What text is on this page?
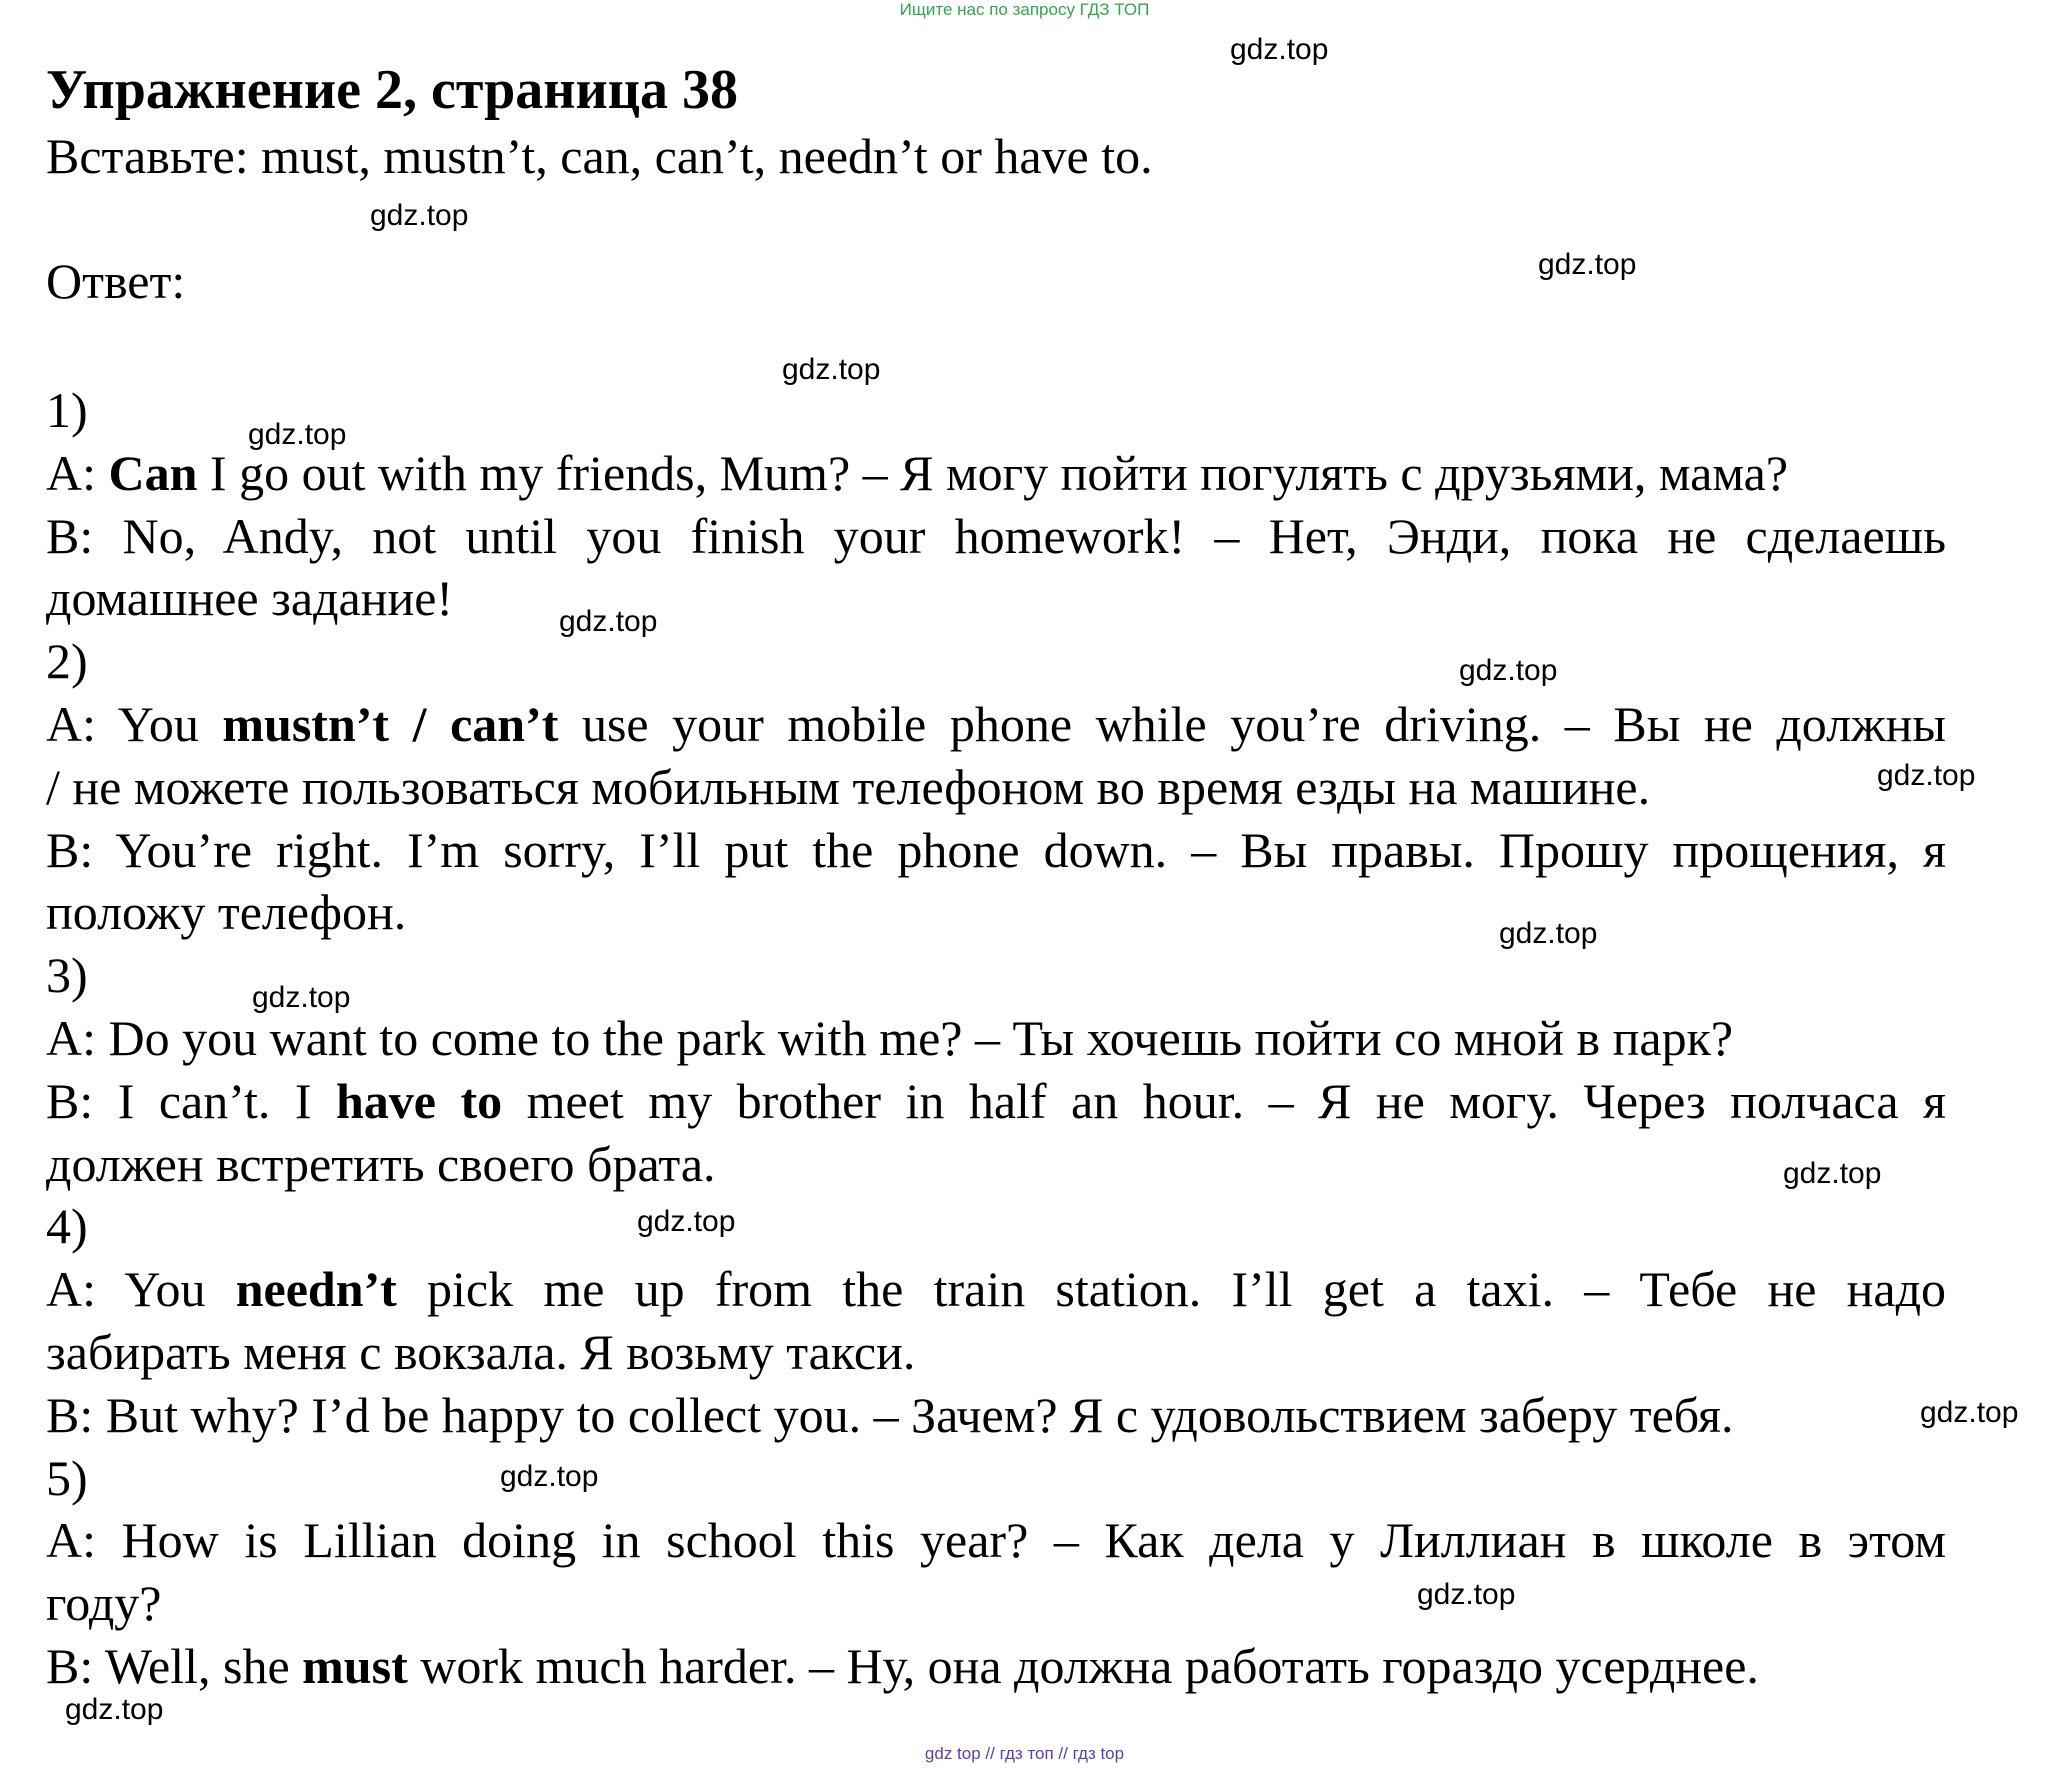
Ищите нас по запросу ГДЗ ТОП
Упражнение 2, страница 38
Вставьте: must, mustn’t, can, can’t, needn’t or have to.
Ответ:
1)
A: Can I go out with my friends, Mum? – Я могу пойти погулять с друзьями, мама?
B: No, Andy, not until you finish your homework! – Нет, Энди, пока не сделаешь
домашнее задание!
2)
A: You mustn’t / can’t use your mobile phone while you’re driving. – Вы не должны
/ не можете пользоваться мобильным телефоном во время езды на машине.
B: You’re right. I’m sorry, I’ll put the phone down. – Вы правы. Прошу прощения, я
положу телефон.
3)
A: Do you want to come to the park with me? – Ты хочешь пойти со мной в парк?
B: I can’t. I have to meet my brother in half an hour. – Я не могу. Через полчаса я
должен встретить своего брата.
4)
A: You needn’t pick me up from the train station. I’ll get a taxi. – Тебе не надо
забирать меня с вокзала. Я возьму такси.
B: But why? I’d be happy to collect you. – Зачем? Я с удовольствием заберу тебя.
5)
A: How is Lillian doing in school this year? – Как дела у Лиллиан в школе в этом
году?
B: Well, she must work much harder. – Ну, она должна работать гораздо усерднее.
gdz.top
gdz.top
gdz.top
gdz.top
gdz.top
gdz.top
gdz.top
gdz.top
gdz.top
gdz.top
gdz.top
gdz.top
gdz.top
gdz.top
gdz.top
gdz.top
gdz top // гдз топ // гдз top
